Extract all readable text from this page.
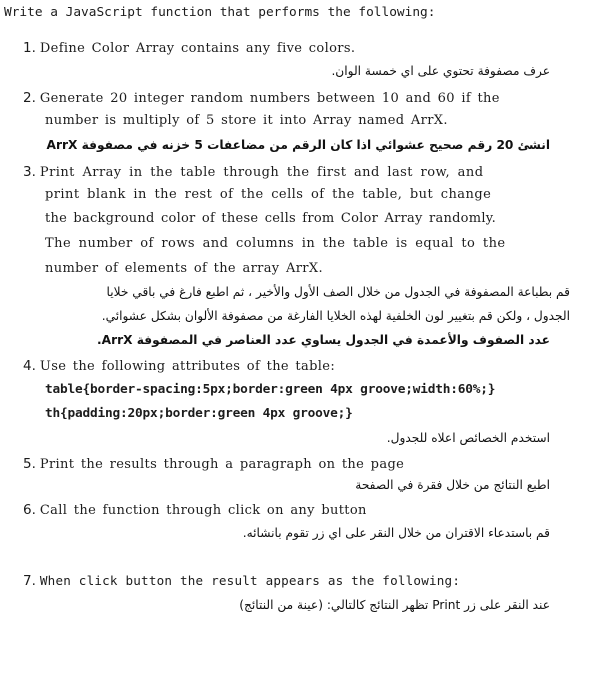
Write a JavaScript function that performs the following:
1. Define Color Array contains any five colors.
عرف مصفوفة تحتوي على اي خمسة الوان.
2. Generate 20 integer random numbers between 10 and 60 if the
number is multiply of 5 store it into Array named ArrX.
انشئ 20 رقم صحيح عشوائي اذا كان الرقم من مضاعفات 5 خزنه في مصفوفة ArrX
3. Print Array in the table through the first and last row, and
print blank in the rest of the cells of the table, but change
the background color of these cells from Color Array randomly.
The number of rows and columns in the table is equal to the
number of elements of the array ArrX.
قم بطباعة المصفوفة في الجدول من خلال الصف الأول والأخير ، ثم اطبع فارغ في باقي خلايا
الجدول ، ولكن قم بتغيير لون الخلفية لهذه الخلايا الفارغة من مصفوفة الألوان بشكل عشوائي.
عدد الصفوف والأعمدة في الجدول يساوي عدد العناصر في المصفوفة ArrX.
4. Use the following attributes of the table:
table{border-spacing:5px;border:green 4px groove;width:60%;}
th{padding:20px;border:green 4px groove;}
استخدم الخصائص اعلاه للجدول.
5. Print the results through a paragraph on the page
اطبع النتائج من خلال فقرة في الصفحة
6. Call the function through click on any button
قم باستدعاء الاقتران من خلال النقر على اي زر تقوم بانشائه.
7. When click button the result appears as the following:
عند النقر على زر Print تظهر النتائج كالتالي: (عينة من النتائج)
